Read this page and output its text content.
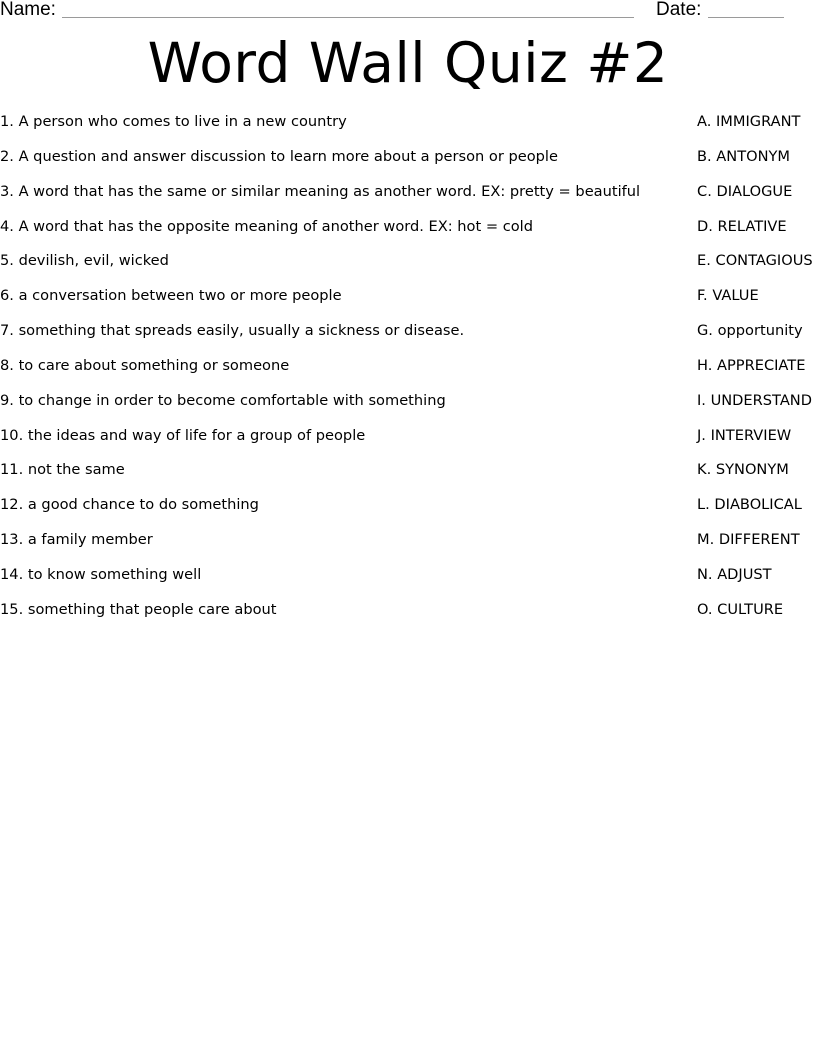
Name:	Date:
Word Wall Quiz #2
1. A person who comes to live in a new country
2. A question and answer discussion to learn more about a person or people
3. A word that has the same or similar meaning as another word. EX: pretty = beautiful
4. A word that has the opposite meaning of another word. EX: hot = cold
5. devilish, evil, wicked
6. a conversation between two or more people
7. something that spreads easily, usually a sickness or disease.
8. to care about something or someone
9. to change in order to become comfortable with something
10. the ideas and way of life for a group of people
11. not the same
12. a good chance to do something
13. a family member
14. to know something well
15. something that people care about
A. IMMIGRANT
B. ANTONYM
C. DIALOGUE
D. RELATIVE
E. CONTAGIOUS
F. VALUE
G. opportunity
H. APPRECIATE
I. UNDERSTAND
J. INTERVIEW
K. SYNONYM
L. DIABOLICAL
M. DIFFERENT
N. ADJUST
O. CULTURE
